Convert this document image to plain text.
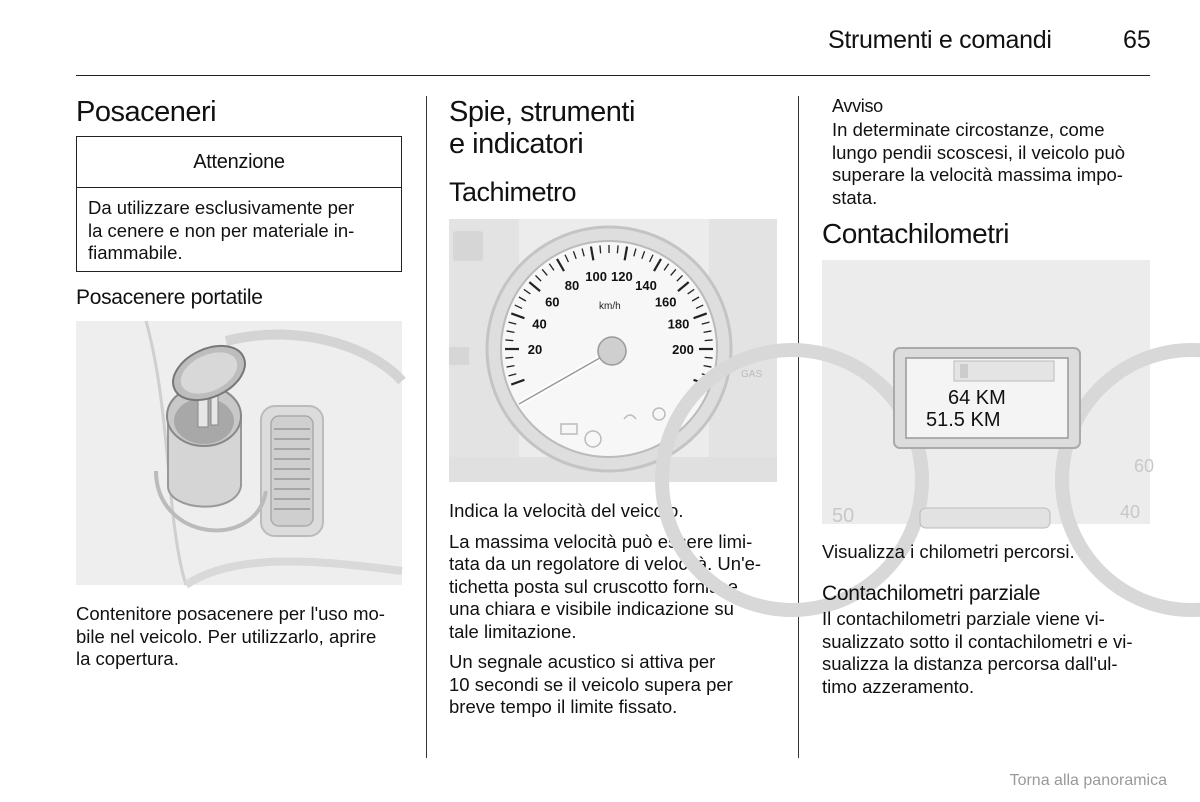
Strumenti e comandi	65
Posaceneri
Attenzione
Da utilizzare esclusivamente per
la cenere e non per materiale in-
fiammabile.
Posacenere portatile
Contenitore posacenere per l'uso mo-
bile nel veicolo. Per utilizzarlo, aprire
la copertura.
Spie, strumenti
e indicatori
Tachimetro
GAS
20
40
60
80
100 120
140
160
180
200
km/h

Indica la velocità del veicolo.

La massima velocità può essere limi-
tata da un regolatore di velocità. Un'e-
tichetta posta sul cruscotto fornisce
una chiara e visibile indicazione su
tale limitazione.

Un segnale acustico si attiva per
10 secondi se il veicolo supera per
breve tempo il limite fissato.

Avviso
In determinate circostanze, come
lungo pendii scoscesi, il veicolo può
superare la velocità massima impo-
stata.
Contachilometri
50
60
40
64 KM
51.5 KM
Visualizza i chilometri percorsi.
Contachilometri parziale
Il contachilometri parziale viene vi-
sualizzato sotto il contachilometri e vi-
sualizza la distanza percorsa dall'ul-
timo azzeramento.
Torna alla panoramica
